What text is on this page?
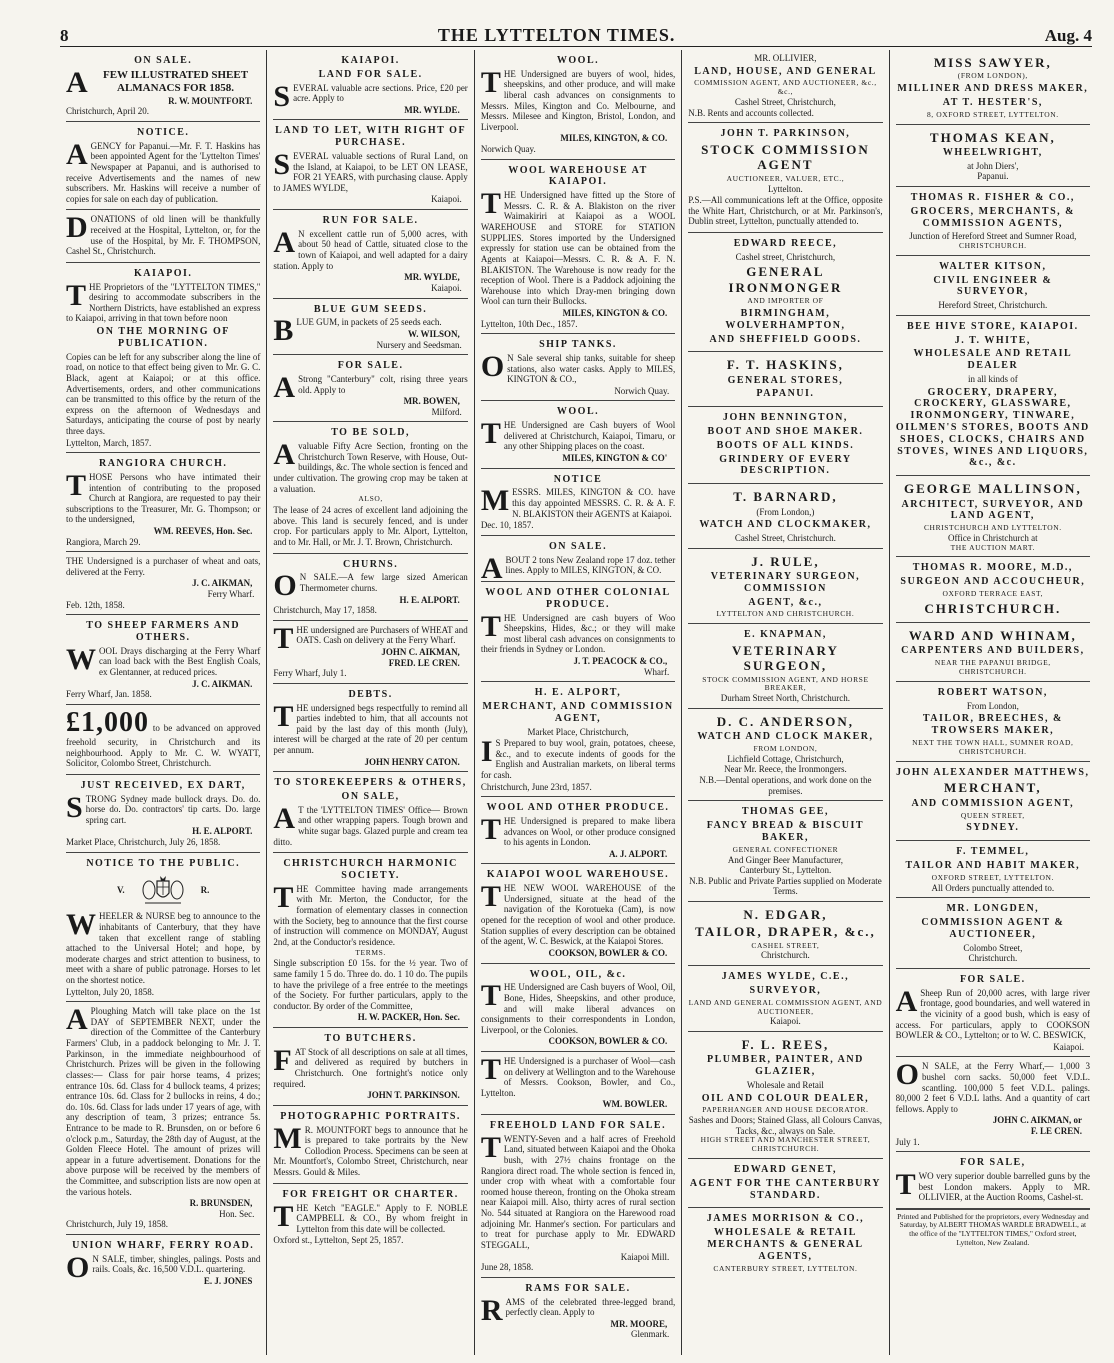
8	THE LYTTELTON TIMES.	Aug. 4
ON SALE.

AFEW ILLUSTRATED SHEET ALMANACS FOR 1858.

R. W. MOUNTFORT.
Christchurch, April 20.
NOTICE.

AGENCY for Papanui.—Mr. F. T. Haskins has been appointed Agent for the 'Lyttelton Times' Newspaper at Papanui, and is authorised to receive Advertisements and the names of new subscribers. Mr. Haskins will receive a number of copies for sale on each day of publication.

DONATIONS of old linen will be thankfully received at the Hospital, Lyttelton, or, for the use of the Hospital, by Mr. F. THOMPSON, Cashel St., Christchurch.

KAIAPOI.

THE Proprietors of the "LYTTELTON TIMES," desiring to accommodate subscribers in the Northern Districts, have established an express to Kaiapoi, arriving in that town before noon

ON THE MORNING OF PUBLICATION.

Copies can be left for any subscriber along the line of road, on notice to that effect being given to Mr. G. C. Black, agent at Kaiapoi; or at this office. Advertisements, orders, and other communications can be transmitted to this office by the return of the express on the afternoon of Wednesdays and Saturdays, anticipating the course of post by nearly three days.

Lyttelton, March, 1857.
RANGIORA CHURCH.

THOSE Persons who have intimated their intention of contributing to the proposed Church at Rangiora, are requested to pay their subscriptions to the Treasurer, Mr. G. Thompson; or to the undersigned,

WM. REEVES, Hon. Sec.
Rangiora, March 29.

THE Undersigned is a purchaser of wheat and oats, delivered at the Ferry.

J. C. AIKMAN,
Ferry Wharf.
Feb. 12th, 1858.
TO SHEEP FARMERS AND OTHERS.

WOOL Drays discharging at the Ferry Wharf can load back with the Best English Coals, ex Glentanner, at reduced prices.

J. C. AIKMAN.
Ferry Wharf, Jan. 1858.

£1,000 to be advanced on approved freehold security, in Christchurch and its neighbourhood. Apply to Mr. C. W. WYATT, Solicitor, Colombo Street, Christchurch.

JUST RECEIVED, EX DART,

STRONG Sydney made bullock drays. Do. do. horse do. Do. contractors' tip carts. Do. large spring cart.

H. E. ALPORT.
Market Place, Christchurch, July 26, 1858.
NOTICE TO THE PUBLIC.
V.	R.

WHEELER & NURSE beg to announce to the inhabitants of Canterbury, that they have taken that excellent range of stabling attached to the Universal Hotel; and hope, by moderate charges and strict attention to business, to meet with a share of public patronage. Horses to let on the shortest notice.

Lyttelton, July 20, 1858.

APloughing Match will take place on the 1st DAY of SEPTEMBER NEXT, under the direction of the Committee of the Canterbury Farmers' Club, in a paddock belonging to Mr. J. T. Parkinson, in the immediate neighbourhood of Christchurch. Prizes will be given in the following classes:— Class for pair horse teams, 4 prizes; entrance 10s. 6d. Class for 4 bullock teams, 4 prizes; entrance 10s. 6d. Class for 2 bullocks in reins, 4 do.; do. 10s. 6d. Class for lads under 17 years of age, with any description of team, 3 prizes; entrance 5s. Entrance to be made to R. Brunsden, on or before 6 o'clock p.m., Saturday, the 28th day of August, at the Golden Fleece Hotel. The amount of prizes will appear in a future advertisement. Donations for the above purpose will be received by the members of the Committee, and subscription lists are now open at the various hotels.

R. BRUNSDEN,
Hon. Sec.
Christchurch, July 19, 1858.
UNION WHARF, FERRY ROAD.

ON SALE, timber, shingles, palings. Posts and rails. Coals, &c. 16,500 V.D.L. quartering.

E. J. JONES
KAIAPOI.
LAND FOR SALE.

SEVERAL valuable acre sections. Price, £20 per acre. Apply to

MR. WYLDE.
LAND TO LET, WITH RIGHT OF PURCHASE.

SEVERAL valuable sections of Rural Land, on the Island, at Kaiapoi, to be LET ON LEASE, FOR 21 YEARS, with purchasing clause. Apply to JAMES WYLDE,

Kaiapoi.
RUN FOR SALE.

AN excellent cattle run of 5,000 acres, with about 50 head of Cattle, situated close to the town of Kaiapoi, and well adapted for a dairy station. Apply to

MR. WYLDE,
Kaiapoi.
BLUE GUM SEEDS.

BLUE GUM, in packets of 25 seeds each.

W. WILSON,
Nursery and Seedsman.
FOR SALE.

AStrong "Canterbury" colt, rising three years old. Apply to

MR. BOWEN,
Milford.
TO BE SOLD,

Avaluable Fifty Acre Section, fronting on the Christchurch Town Reserve, with House, Out-buildings, &c. The whole section is fenced and under cultivation. The growing crop may be taken at a valuation.

ALSO,

The lease of 24 acres of excellent land adjoining the above. This land is securely fenced, and is under crop. For particulars apply to Mr. Alport, Lyttelton, and to Mr. Hall, or Mr. J. T. Brown, Christchurch.

CHURNS.

ON SALE.—A few large sized American Thermometer churns.

H. E. ALPORT.
Christchurch, May 17, 1858.

THE undersigned are Purchasers of WHEAT and OATS. Cash on delivery at the Ferry Wharf.

JOHN C. AIKMAN,
FRED. LE CREN.
Ferry Wharf, July 1.
DEBTS.

THE undersigned begs respectfully to remind all parties indebted to him, that all accounts not paid by the last day of this month (July), interest will be charged at the rate of 20 per centum per annum.

JOHN HENRY CATON.
TO STOREKEEPERS & OTHERS,
ON SALE,

AT the 'LYTTELTON TIMES' Office— Brown and other wrapping papers. Tough brown and white sugar bags. Glazed purple and cream tea ditto.

CHRISTCHURCH HARMONIC SOCIETY.

THE Committee having made arrangements with Mr. Merton, the Conductor, for the formation of elementary classes in connection with the Society, beg to announce that the first course of instruction will commence on MONDAY, August 2nd, at the Conductor's residence.

TERMS.

Single subscription £0 15s. for the ½ year. Two of same family 1 5 do. Three do. do. 1 10 do. The pupils to have the privilege of a free entrée to the meetings of the Society. For further particulars, apply to the conductor. By order of the Committee,

H. W. PACKER, Hon. Sec.
TO BUTCHERS.

FAT Stock of all descriptions on sale at all times, and delivered as required by butchers in Christchurch. One fortnight's notice only required.

JOHN T. PARKINSON.
PHOTOGRAPHIC PORTRAITS.

MR. MOUNTFORT begs to announce that he is prepared to take portraits by the New Collodion Process. Specimens can be seen at Mr. Mountfort's, Colombo Street, Christchurch, near Messrs. Gould & Miles.

FOR FREIGHT OR CHARTER.

THE Ketch "EAGLE." Apply to F. NOBLE CAMPBELL & CO., By whom freight in Lyttelton from this date will be collected.

Oxford st., Lyttelton, Sept 25, 1857.
WOOL.

THE Undersigned are buyers of wool, hides, sheepskins, and other produce, and will make liberal cash advances on consignments to Messrs. Miles, Kington and Co. Melbourne, and Messrs. Milesee and Kington, Bristol, London, and Liverpool.

MILES, KINGTON, & CO.
Norwich Quay.
WOOL WAREHOUSE AT KAIAPOI.

THE Undersigned have fitted up the Store of Messrs. C. R. & A. Blakiston on the river Waimakiriri at Kaiapoi as a WOOL WAREHOUSE and STORE for STATION SUPPLIES. Stores imported by the Undersigned expressly for station use can be obtained from the Agents at Kaiapoi—Messrs. C. R. & A. F. N. BLAKISTON. The Warehouse is now ready for the reception of Wool. There is a Paddock adjoining the Warehouse into which Dray-men bringing down Wool can turn their Bullocks.

MILES, KINGTON & CO.
Lyttelton, 10th Dec., 1857.
SHIP TANKS.

ON Sale several ship tanks, suitable for sheep stations, also water casks. Apply to MILES, KINGTON & CO.,

Norwich Quay.
WOOL.

THE Undersigned are Cash buyers of Wool delivered at Christchurch, Kaiapoi, Timaru, or any other Shipping places on the coast.

MILES, KINGTON & CO'
NOTICE

MESSRS. MILES, KINGTON & CO. have this day appointed MESSRS. C. R. & A. F. N. BLAKISTON their AGENTS at Kaiapoi.

Dec. 10, 1857.
ON SALE.

ABOUT 2 tons New Zealand rope 17 doz. tether lines. Apply to MILES, KINGTON, & CO.

WOOL AND OTHER COLONIAL PRODUCE.

THE Undersigned are cash buyers of Woo Sheepskins, Hides, &c.; or they will make most liberal cash advances on consignments to their friends in Sydney or London.

J. T. PEACOCK & CO.,
Wharf.
H. E. ALPORT,
MERCHANT, AND COMMISSION AGENT,
Market Place, Christchurch,

IS Prepared to buy wool, grain, potatoes, cheese, &c., and to execute indents of goods for the English and Australian markets, on liberal terms for cash.

Christchurch, June 23rd, 1857.
WOOL AND OTHER PRODUCE.

THE Undersigned is prepared to make libera advances on Wool, or other produce consigned to his agents in London.

A. J. ALPORT.
KAIAPOI WOOL WAREHOUSE.

THE NEW WOOL WAREHOUSE of the Undersigned, situate at the head of the navigation of the Korotueka (Cam), is now opened for the reception of wool and other produce. Station supplies of every description can be obtained of the agent, W. C. Beswick, at the Kaiapoi Stores.

COOKSON, BOWLER & CO.
WOOL, OIL, &c.

THE Undersigned are Cash buyers of Wool, Oil, Bone, Hides, Sheepskins, and other produce, and will make liberal advances on consignments to their correspondents in London, Liverpool, or the Colonies.

COOKSON, BOWLER & CO.

THE Undersigned is a purchaser of Wool—cash on delivery at Wellington and to the Warehouse of Messrs. Cookson, Bowler, and Co., Lyttelton.

WM. BOWLER.
FREEHOLD LAND FOR SALE.

TWENTY-Seven and a half acres of Freehold Land, situated between Kaiapoi and the Ohoka bush, with 27½ chains frontage on the Rangiora direct road. The whole section is fenced in, under crop with wheat with a comfortable four roomed house thereon, fronting on the Ohoka stream near Kaiapoi mill. Also, thirty acres of rural section No. 544 situated at Rangiora on the Harewood road adjoining Mr. Hanmer's section. For particulars and to treat for purchase apply to Mr. EDWARD STEGGALL,

Kaiapoi Mill.
June 28, 1858.
RAMS FOR SALE.

RAMS of the celebrated three-legged brand, perfectly clean. Apply to

MR. MOORE,
Glenmark.
MR. OLLIVIER,
LAND, HOUSE, AND GENERAL
COMMISSION AGENT, AND AUCTIONEER, &c., &c.,
Cashel Street, Christchurch,
N.B. Rents and accounts collected.
JOHN T. PARKINSON,
STOCK COMMISSION AGENT
AUCTIONEER, VALUER, ETC.,
Lyttelton.

P.S.—All communications left at the Office, opposite the White Hart, Christchurch, or at Mr. Parkinson's, Dublin street, Lyttelton, punctually attended to.

EDWARD REECE,
Cashel street, Christchurch,
GENERAL IRONMONGER
AND IMPORTER OF
BIRMINGHAM, WOLVERHAMPTON,
AND SHEFFIELD GOODS.
F. T. HASKINS,
GENERAL STORES,
PAPANUI.
JOHN BENNINGTON,
BOOT AND SHOE MAKER.
BOOTS OF ALL KINDS.
GRINDERY OF EVERY DESCRIPTION.
T. BARNARD,
(From London,)
WATCH AND CLOCKMAKER,
Cashel Street, Christchurch.
J. RULE,
VETERINARY SURGEON, COMMISSION
AGENT, &c.,
LYTTELTON AND CHRISTCHURCH.
E. KNAPMAN,
VETERINARY SURGEON,
STOCK COMMISSION AGENT, AND HORSE BREAKER,
Durham Street North, Christchurch.
D. C. ANDERSON,
WATCH AND CLOCK MAKER,
FROM LONDON,
Lichfield Cottage, Christchurch,
Near Mr. Reece, the Ironmongers.
N.B.—Dental operations, and work done on the premises.
THOMAS GEE,
FANCY BREAD & BISCUIT BAKER,
GENERAL CONFECTIONER
And Ginger Beer Manufacturer,
Canterbury St., Lyttelton.
N.B. Public and Private Parties supplied on Moderate Terms.
N. EDGAR,
TAILOR, DRAPER, &c.,
CASHEL STREET,
Christchurch.
JAMES WYLDE, C.E.,
SURVEYOR,
LAND AND GENERAL COMMISSION AGENT, AND AUCTIONEER,
Kaiapoi.
F. L. REES,
PLUMBER, PAINTER, AND GLAZIER,
Wholesale and Retail
OIL AND COLOUR DEALER,
PAPERHANGER AND HOUSE DECORATOR.
Sashes and Doors; Stained Glass, all Colours Canvas, Tacks, &c., always on Sale.
HIGH STREET AND MANCHESTER STREET, CHRISTCHURCH.
EDWARD GENET,
AGENT FOR THE CANTERBURY STANDARD.
JAMES MORRISON & CO.,
WHOLESALE & RETAIL MERCHANTS & GENERAL AGENTS,
CANTERBURY STREET, LYTTELTON.
MISS SAWYER,
(FROM LONDON),
MILLINER AND DRESS MAKER,
AT T. HESTER'S,
8, OXFORD STREET, LYTTELTON.
THOMAS KEAN,
WHEELWRIGHT,
at John Diers',
Papanui.
THOMAS R. FISHER & CO.,
GROCERS, MERCHANTS, & COMMISSION AGENTS,
Junction of Hereford Street and Sumner Road,
CHRISTCHURCH.
WALTER KITSON,
CIVIL ENGINEER & SURVEYOR,
Hereford Street, Christchurch.
BEE HIVE STORE, KAIAPOI.
J. T. WHITE,
WHOLESALE AND RETAIL DEALER
in all kinds of
GROCERY, DRAPERY, CROCKERY, GLASSWARE, IRONMONGERY, TINWARE, OILMEN'S STORES, BOOTS AND SHOES, CLOCKS, CHAIRS AND STOVES, WINES AND LIQUORS, &c., &c.
GEORGE MALLINSON,
ARCHITECT, SURVEYOR, AND LAND AGENT,
CHRISTCHURCH AND LYTTELTON.
Office in Christchurch at
THE AUCTION MART.
THOMAS R. MOORE, M.D.,
SURGEON AND ACCOUCHEUR,
OXFORD TERRACE EAST,
CHRISTCHURCH.
WARD AND WHINAM,
CARPENTERS AND BUILDERS,
NEAR THE PAPANUI BRIDGE,
CHRISTCHURCH.
ROBERT WATSON,
From London,
TAILOR, BREECHES, & TROWSERS MAKER,
NEXT THE TOWN HALL, SUMNER ROAD, CHRISTCHURCH.
JOHN ALEXANDER MATTHEWS,
MERCHANT,
AND COMMISSION AGENT,
QUEEN STREET,
SYDNEY.
F. TEMMEL,
TAILOR AND HABIT MAKER,
OXFORD STREET, LYTTELTON.
All Orders punctually attended to.
MR. LONGDEN,
COMMISSION AGENT & AUCTIONEER,
Colombo Street,
Christchurch.
FOR SALE.

ASheep Run of 20,000 acres, with large river frontage, good boundaries, and well watered in the vicinity of a good bush, which is easy of access. For particulars, apply to COOKSON BOWLER & CO., Lyttelton; or to W. C. BESWICK,

Kaiapoi.

ON SALE, at the Ferry Wharf,— 1,000 3 bushel corn sacks. 50,000 feet V.D.L. scantling. 100,000 5 feet V.D.L. palings. 80,000 2 feet 6 V.D.L laths. And a quantity of cart fellows. Apply to

JOHN C. AIKMAN, or
F. LE CREN.
July 1.
FOR SALE,

TWO very superior double barrelled guns by the best London makers. Apply to MR. OLLIVIER, at the Auction Rooms, Cashel-st.

Printed and Published for the proprietors, every Wednesday and Saturday, by ALBERT THOMAS WARDLE BRADWELL, at the office of the "LYTTELTON TIMES," Oxford street, Lyttelton, New Zealand.
